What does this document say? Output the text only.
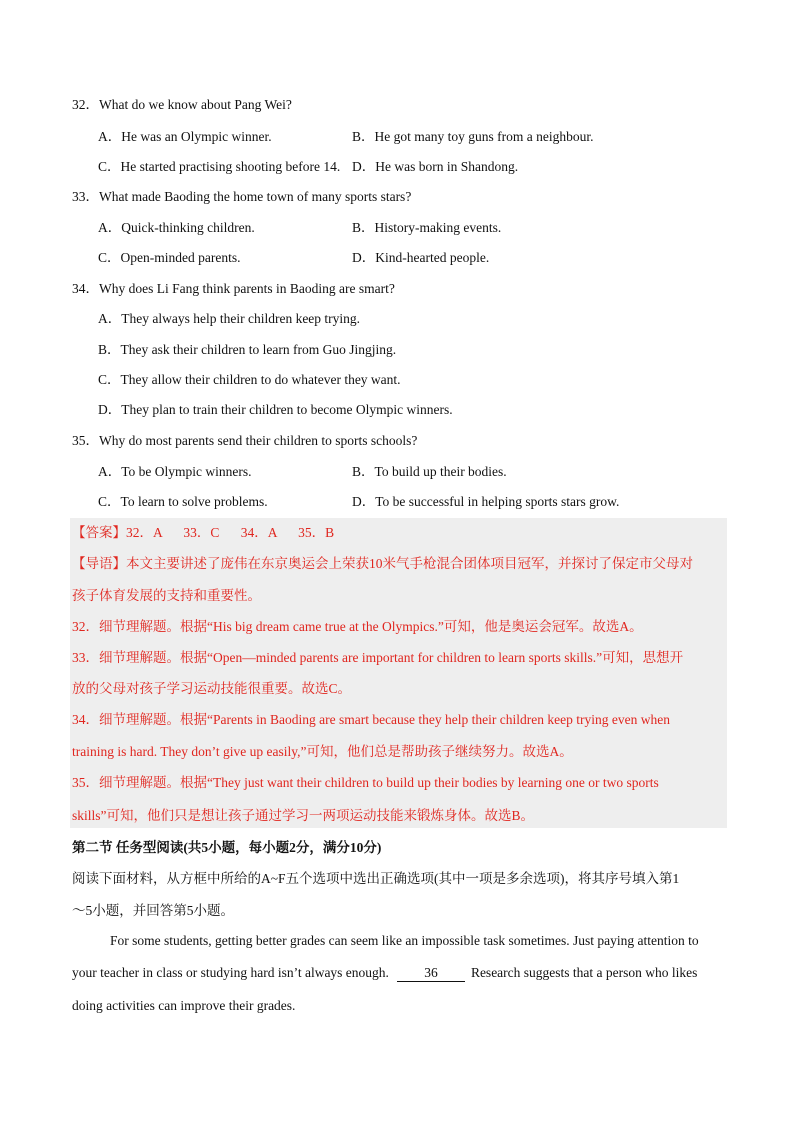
32．What do we know about Pang Wei?
A．He was an Olympic winner.	B．He got many toy guns from a neighbour.
C．He started practising shooting before 14. D．He was born in Shandong.
33．What made Baoding the home town of many sports stars?
A．Quick-thinking children.	B．History-making events.
C．Open-minded parents.	D．Kind-hearted people.
34．Why does Li Fang think parents in Baoding are smart?
A．They always help their children keep trying.
B．They ask their children to learn from Guo Jingjing.
C．They allow their children to do whatever they want.
D．They plan to train their children to become Olympic winners.
35．Why do most parents send their children to sports schools?
A．To be Olympic winners.	B．To build up their bodies.
C．To learn to solve problems.	D．To be successful in helping sports stars grow.
【答案】32．A 33．C 34．A 35．B
【导语】本文主要讲述了庞伟在东京奥运会上荣获10米气手枪混合团体项目冠军，并探讨了保定市父母对
孩子体育发展的支持和重要性。
32．细节理解题。根据“His big dream came true at the Olympics.”可知，他是奥运会冠军。故选A。
33．细节理解题。根据“Open—minded parents are important for children to learn sports skills.”可知，思想开
放的父母对孩子学习运动技能很重要。故选C。
34．细节理解题。根据“Parents in Baoding are smart because they help their children keep trying even when
training is hard. They don’t give up easily,”可知，他们总是帮助孩子继续努力。故选A。
35．细节理解题。根据“They just want their children to build up their bodies by learning one or two sports
skills”可知，他们只是想让孩子通过学习一两项运动技能来锻炼身体。故选B。
第二节 任务型阅读(共5小题，每小题2分，满分10分)
阅读下面材料，从方框中所给的A~F五个选项中选出正确选项(其中一项是多余选项)，将其序号填入第1
～5小题，并回答第5小题。
For some students, getting better grades can seem like an impossible task sometimes. Just paying attention to
your teacher in class or studying hard isn’t always enough.	36 Research suggests that a person who likes
doing activities can improve their grades.
